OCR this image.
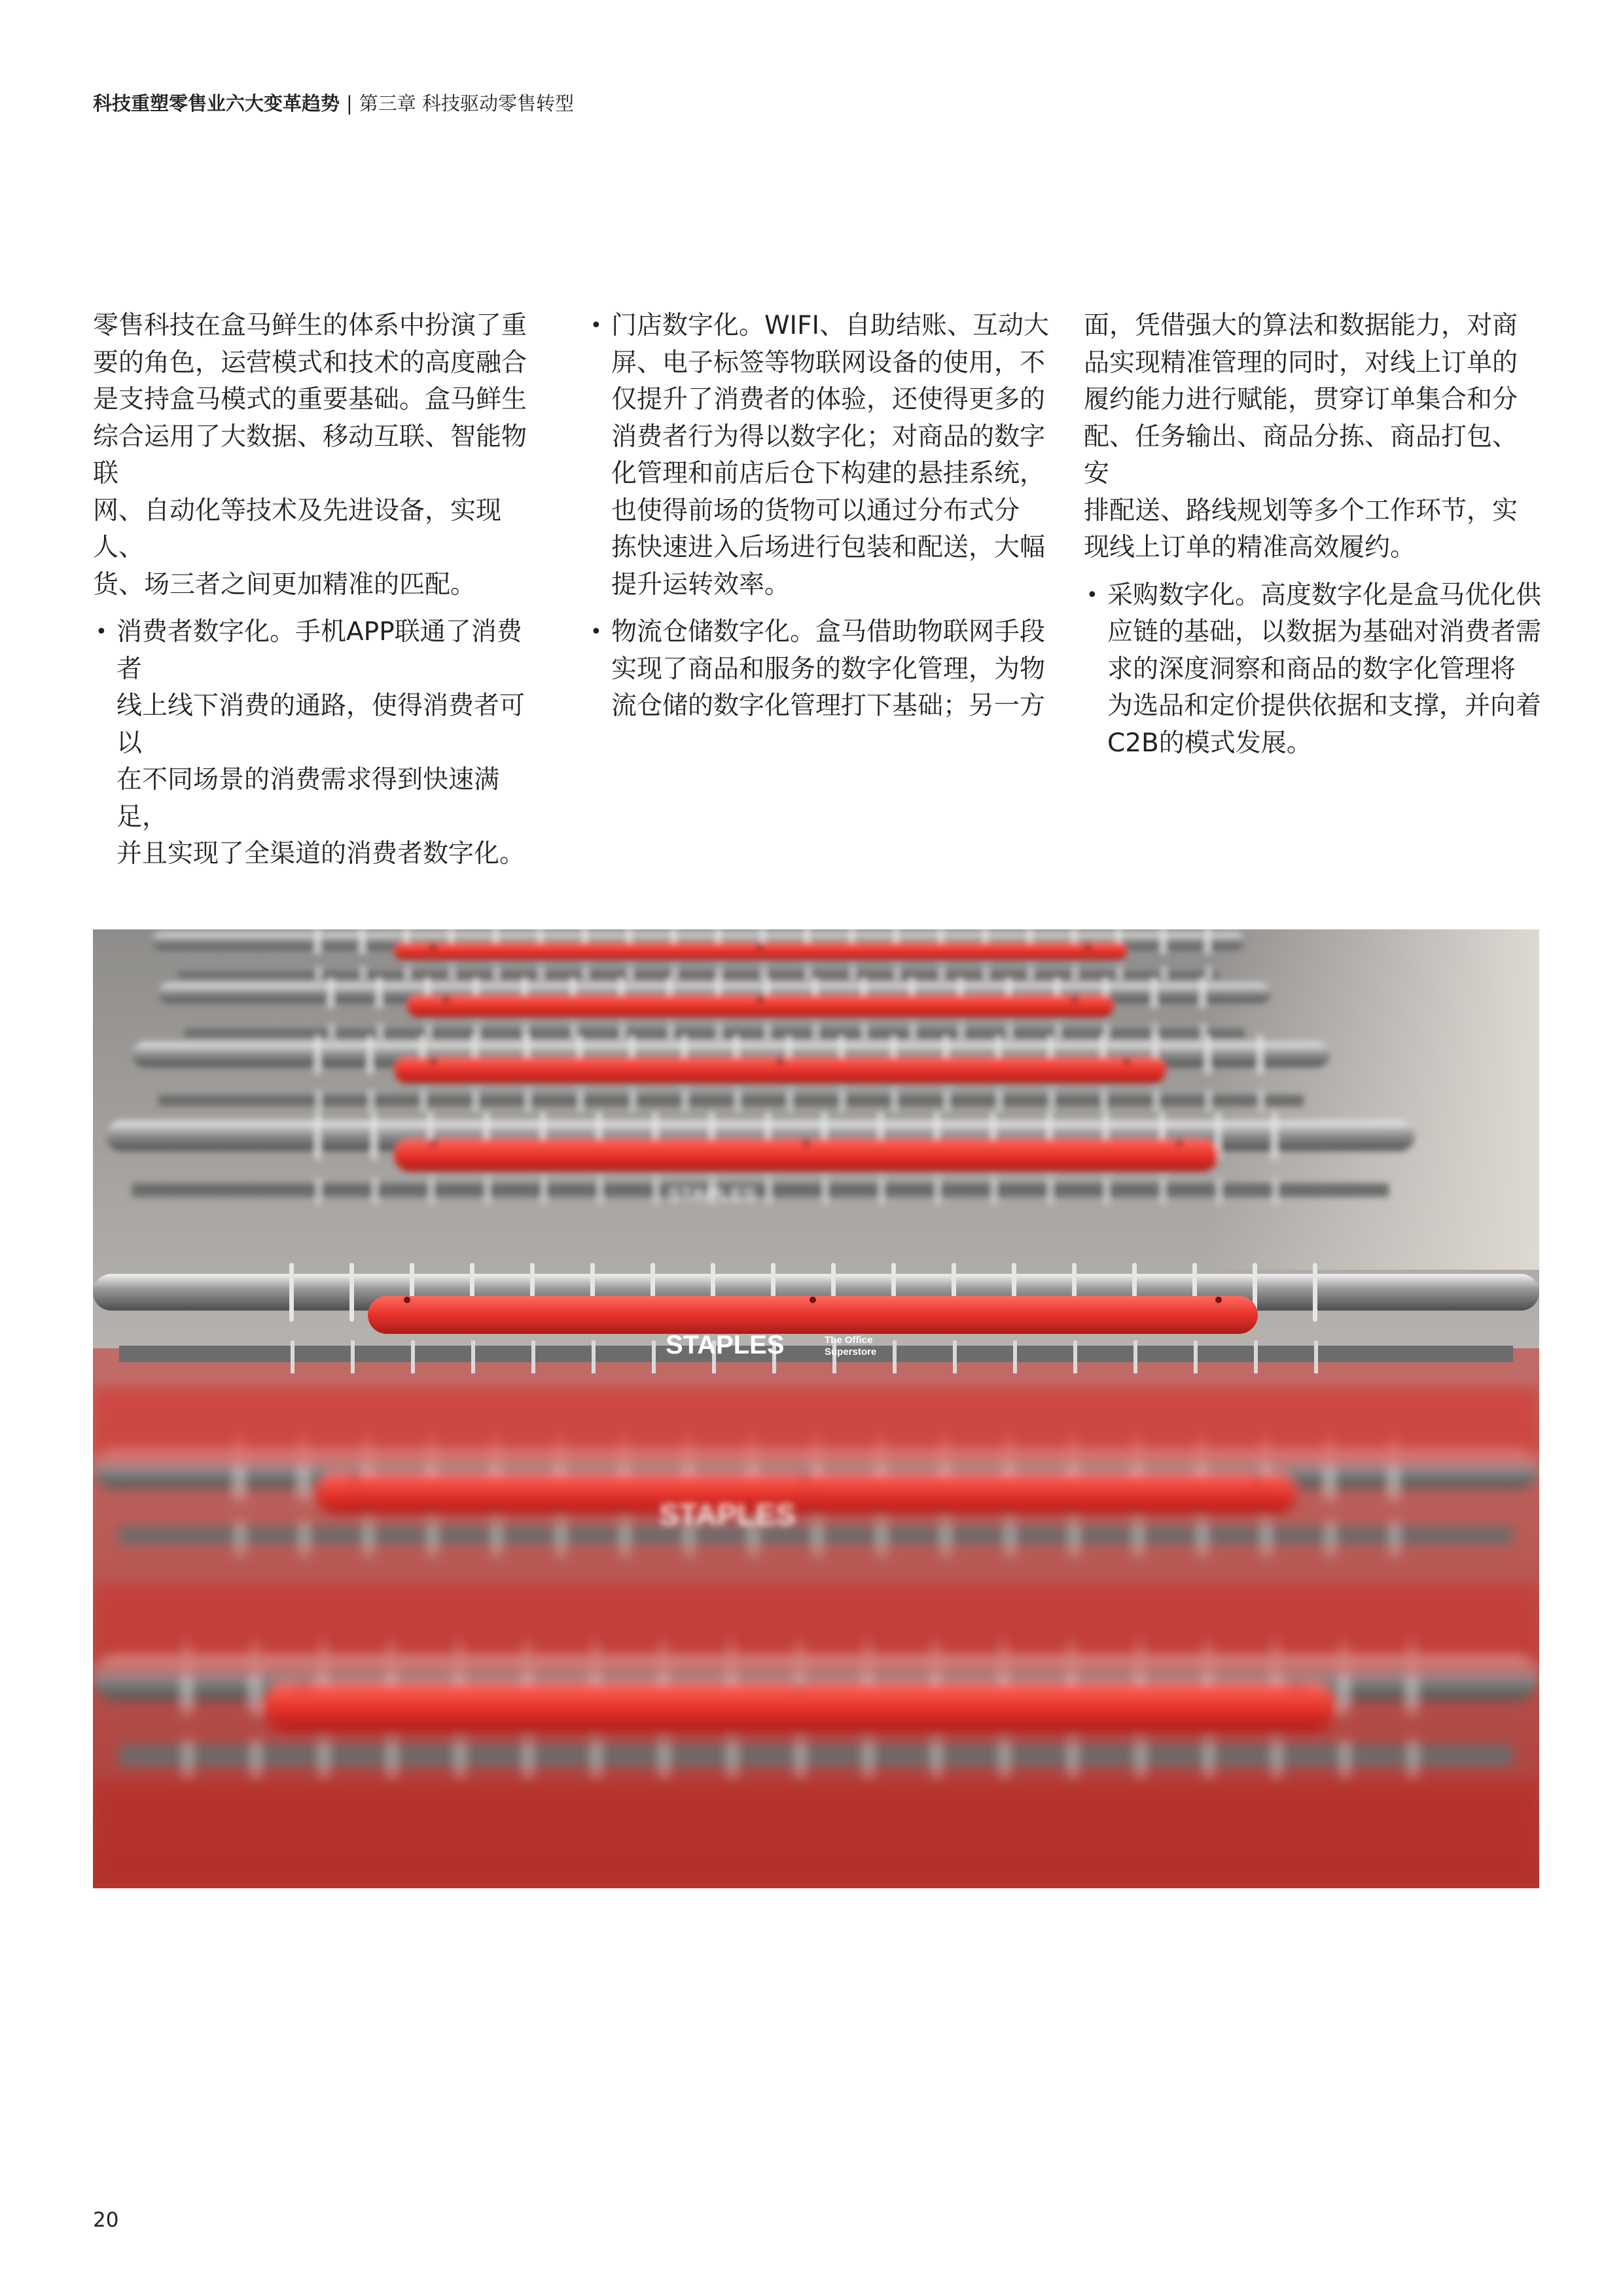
科技重塑零售业六大变革趋势 | 第三章 科技驱动零售转型

零售科技在盒马鲜生的体系中扮演了重

要的角色，运营模式和技术的高度融合

是支持盒马模式的重要基础。盒马鲜生

综合运用了大数据、移动互联、智能物联

网、自动化等技术及先进设备，实现人、

货、场三者之间更加精准的匹配。

• 消费者数字化。手机APP联通了消费者

线上线下消费的通路，使得消费者可以

在不同场景的消费需求得到快速满足，

并且实现了全渠道的消费者数字化。

• 门店数字化。WIFI、自助结账、互动大

屏、电子标签等物联网设备的使用，不

仅提升了消费者的体验，还使得更多的

消费者行为得以数字化；对商品的数字

化管理和前店后仓下构建的悬挂系统，

也使得前场的货物可以通过分布式分

拣快速进入后场进行包装和配送，大幅

提升运转效率。

• 物流仓储数字化。盒马借助物联网手段

实现了商品和服务的数字化管理，为物

流仓储的数字化管理打下基础；另一方

面，凭借强大的算法和数据能力，对商

品实现精准管理的同时，对线上订单的

履约能力进行赋能，贯穿订单集合和分

配、任务输出、商品分拣、商品打包、安

排配送、路线规划等多个工作环节，实

现线上订单的精准高效履约。

• 采购数字化。高度数字化是盒马优化供

应链的基础，以数据为基础对消费者需

求的深度洞察和商品的数字化管理将

为选品和定价提供依据和支撑，并向着

C2B的模式发展。

STAPLES
STAPLES	The Office
Superstore
STAPLES
20
